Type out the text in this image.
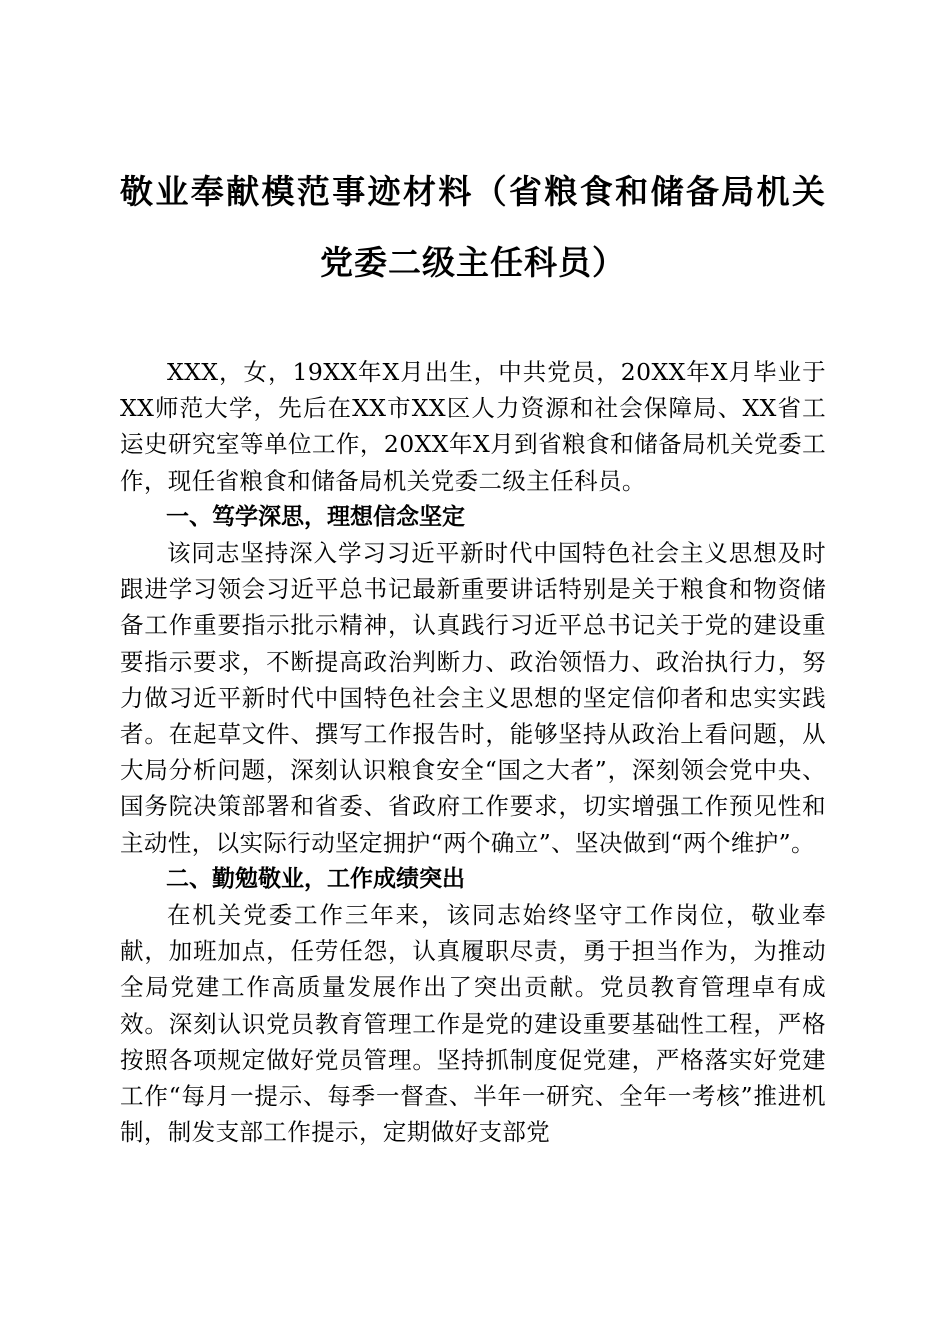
敬业奉献模范事迹材料（省粮食和储备局机关
党委二级主任科员）

XXX，女，19XX年X月出生，中共党员，20XX年X月毕业于XX师范大学，先后在XX市XX区人力资源和社会保障局、XX省工运史研究室等单位工作，20XX年X月到省粮食和储备局机关党委工作，现任省粮食和储备局机关党委二级主任科员。

一、笃学深思，理想信念坚定

该同志坚持深入学习习近平新时代中国特色社会主义思想及时跟进学习领会习近平总书记最新重要讲话特别是关于粮食和物资储备工作重要指示批示精神，认真践行习近平总书记关于党的建设重要指示要求，不断提高政治判断力、政治领悟力、政治执行力，努力做习近平新时代中国特色社会主义思想的坚定信仰者和忠实实践者。在起草文件、撰写工作报告时，能够坚持从政治上看问题，从大局分析问题，深刻认识粮食安全“国之大者”，深刻领会党中央、国务院决策部署和省委、省政府工作要求，切实增强工作预见性和主动性，以实际行动坚定拥护“两个确立”、坚决做到“两个维护”。

二、勤勉敬业，工作成绩突出

在机关党委工作三年来，该同志始终坚守工作岗位，敬业奉献，加班加点，任劳任怨，认真履职尽责，勇于担当作为，为推动全局党建工作高质量发展作出了突出贡献。党员教育管理卓有成效。深刻认识党员教育管理工作是党的建设重要基础性工程，严格按照各项规定做好党员管理。坚持抓制度促党建，严格落实好党建工作“每月一提示、每季一督查、半年一研究、全年一考核”推进机制，制发支部工作提示，定期做好支部党
